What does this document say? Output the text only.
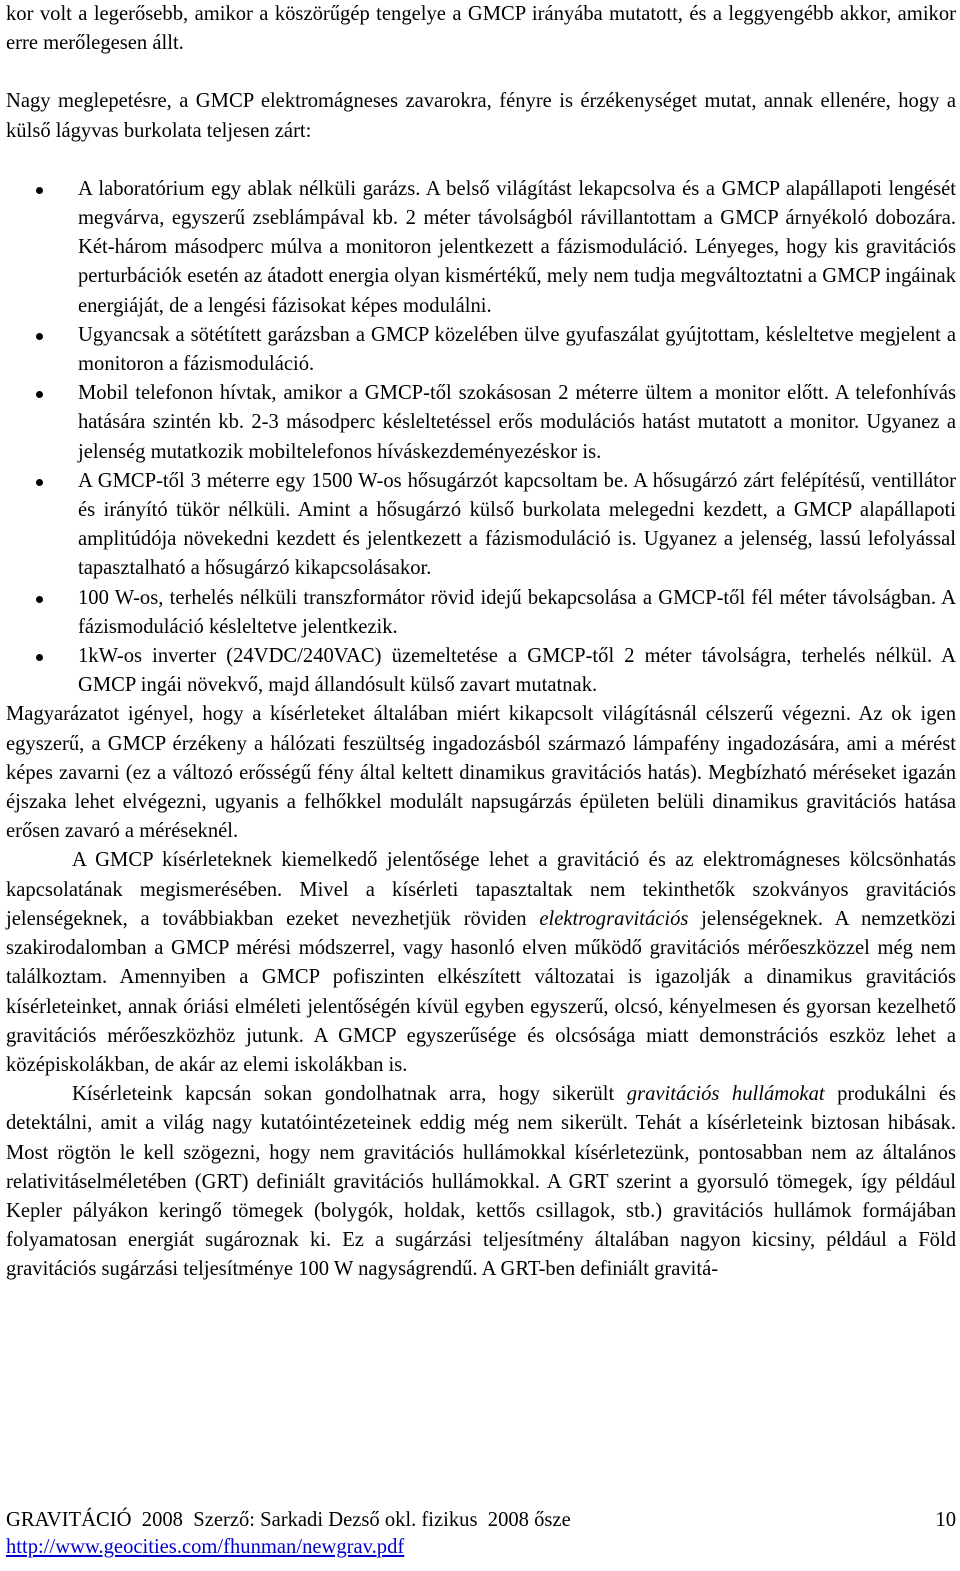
kor volt a legerősebb, amikor a köszörűgép tengelye a GMCP irányába mutatott, és a leggyengébb akkor, amikor erre merőlegesen állt.

Nagy meglepetésre, a GMCP elektromágneses zavarokra, fényre is érzékenységet mutat, annak ellenére, hogy a külső lágyvas burkolata teljesen zárt:

A laboratórium egy ablak nélküli garázs. A belső világítást lekapcsolva és a GMCP alapállapoti lengését megvárva, egyszerű zseblámpával kb. 2 méter távolságból rávillantottam a GMCP árnyékoló dobozára. Két-három másodperc múlva a monitoron jelentkezett a fázismoduláció. Lényeges, hogy kis gravitációs perturbációk esetén az átadott energia olyan kismértékű, mely nem tudja megváltoztatni a GMCP ingáinak energiáját, de a lengési fázisokat képes modulálni.
Ugyancsak a sötétített garázsban a GMCP közelében ülve gyufaszálat gyújtottam, késleltetve megjelent a monitoron a fázismoduláció.
Mobil telefonon hívtak, amikor a GMCP-től szokásosan 2 méterre ültem a monitor előtt. A telefonhívás hatására szintén kb. 2-3 másodperc késleltetéssel erős modulációs hatást mutatott a monitor. Ugyanez a jelenség mutatkozik mobiltelefonos híváskezdeményezéskor is.
A GMCP-től 3 méterre egy 1500 W-os hősugárzót kapcsoltam be. A hősugárzó zárt felépítésű, ventillátor és irányító tükör nélküli. Amint a hősugárzó külső burkolata melegedni kezdett, a GMCP alapállapoti amplitúdója növekedni kezdett és jelentkezett a fázismoduláció is. Ugyanez a jelenség, lassú lefolyással tapasztalható a hősugárzó kikapcsolásakor.
100 W-os, terhelés nélküli transzformátor rövid idejű bekapcsolása a GMCP-től fél méter távolságban. A fázismoduláció késleltetve jelentkezik.
1kW-os inverter (24VDC/240VAC) üzemeltetése a GMCP-től 2 méter távolságra, terhelés nélkül. A GMCP ingái növekvő, majd állandósult külső zavart mutatnak.

Magyarázatot igényel, hogy a kísérleteket általában miért kikapcsolt világításnál célszerű végezni. Az ok igen egyszerű, a GMCP érzékeny a hálózati feszültség ingadozásból származó lámpafény ingadozására, ami a mérést képes zavarni (ez a változó erősségű fény által keltett dinamikus gravitációs hatás). Megbízható méréseket igazán éjszaka lehet elvégezni, ugyanis a felhőkkel modulált napsugárzás épületen belüli dinamikus gravitációs hatása erősen zavaró a méréseknél.

A GMCP kísérleteknek kiemelkedő jelentősége lehet a gravitáció és az elektromágneses kölcsönhatás kapcsolatának megismerésében. Mivel a kísérleti tapasztaltak nem tekinthetők szokványos gravitációs jelenségeknek, a továbbiakban ezeket nevezhetjük röviden elektrogravitációs jelenségeknek. A nemzetközi szakirodalomban a GMCP mérési módszerrel, vagy hasonló elven működő gravitációs mérőeszközzel még nem találkoztam. Amennyiben a GMCP pofiszinten elkészített változatai is igazolják a dinamikus gravitációs kísérleteinket, annak óriási elméleti jelentőségén kívül egyben egyszerű, olcsó, kényelmesen és gyorsan kezelhető gravitációs mérőeszközhöz jutunk. A GMCP egyszerűsége és olcsósága miatt demonstrációs eszköz lehet a középiskolákban, de akár az elemi iskolákban is.

Kísérleteink kapcsán sokan gondolhatnak arra, hogy sikerült gravitációs hullámokat produkálni és detektálni, amit a világ nagy kutatóintézeteinek eddig még nem sikerült. Tehát a kísérleteink biztosan hibásak. Most rögtön le kell szögezni, hogy nem gravitációs hullámokkal kísérletezünk, pontosabban nem az általános relativitáselméletében (GRT) definiált gravitációs hullámokkal. A GRT szerint a gyorsuló tömegek, így például Kepler pályákon keringő tömegek (bolygók, holdak, kettős csillagok, stb.) gravitációs hullámok formájában folyamatosan energiát sugároznak ki. Ez a sugárzási teljesítmény általában nagyon kicsiny, például a Föld gravitációs sugárzási teljesítménye 100 W nagyságrendű. A GRT-ben definiált gravitá-

GRAVITÁCIÓ  2008  Szerző: Sarkadi Dezső okl. fizikus  2008 ősze	10
http://www.geocities.com/fhunman/newgrav.pdf
